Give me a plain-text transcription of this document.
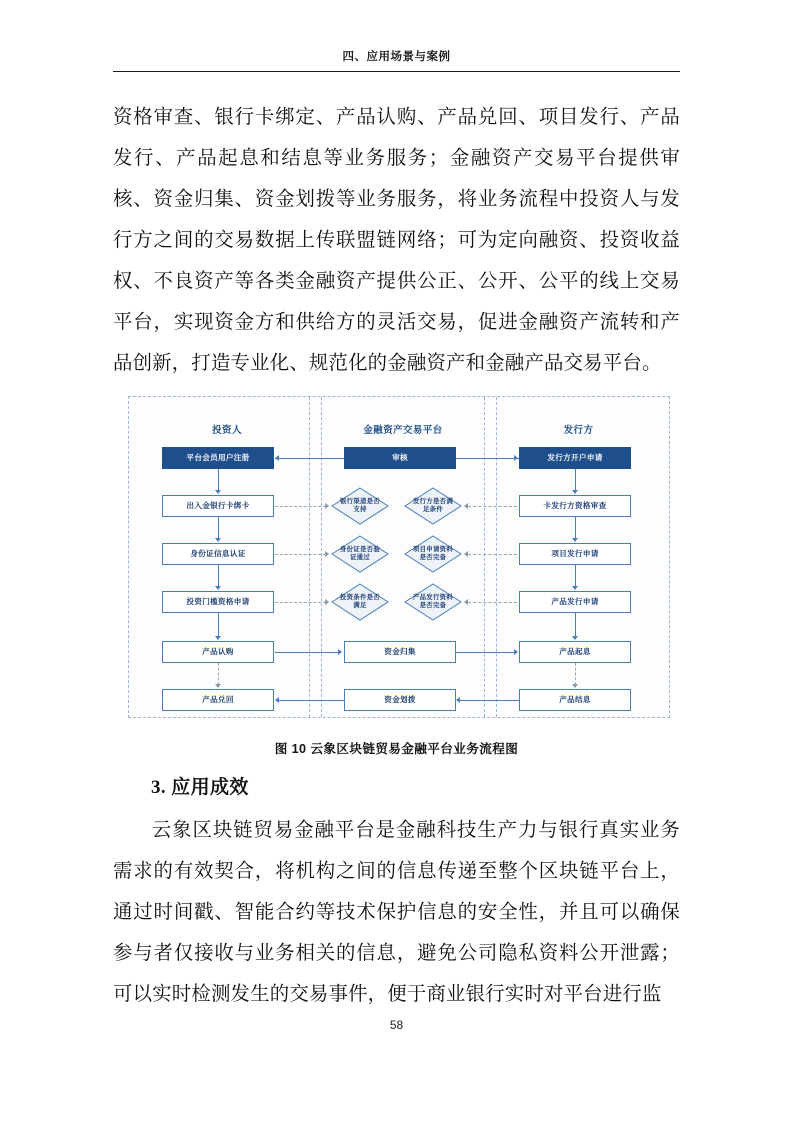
四、应用场景与案例
资格审查、银行卡绑定、产品认购、产品兑回、项目发行、产品发行、产品起息和结息等业务服务；金融资产交易平台提供审核、资金归集、资金划拨等业务服务，将业务流程中投资人与发行方之间的交易数据上传联盟链网络；可为定向融资、投资收益权、不良资产等各类金融资产提供公正、公开、公平的线上交易平台，实现资金方和供给方的灵活交易，促进金融资产流转和产品创新，打造专业化、规范化的金融资产和金融产品交易平台。
投资人	金融资产交易平台	发行方
平台会员用户注册	审核	发行方开户申请
出入金银行卡绑卡
身份证信息认证
投资门槛资格申请
产品认购
产品兑回
银行渠道是否支持
身份证是否验证通过
投资条件是否满足
发行方是否满足条件
项目申请资料是否完备
产品发行资料是否完备
资金归集
资金划拨
卡发行方资格审查
项目发行申请
产品发行申请
产品起息
产品结息
图 10 云象区块链贸易金融平台业务流程图
3. 应用成效
云象区块链贸易金融平台是金融科技生产力与银行真实业务需求的有效契合，将机构之间的信息传递至整个区块链平台上，通过时间戳、智能合约等技术保护信息的安全性，并且可以确保参与者仅接收与业务相关的信息，避免公司隐私资料公开泄露；可以实时检测发生的交易事件，便于商业银行实时对平台进行监
58
